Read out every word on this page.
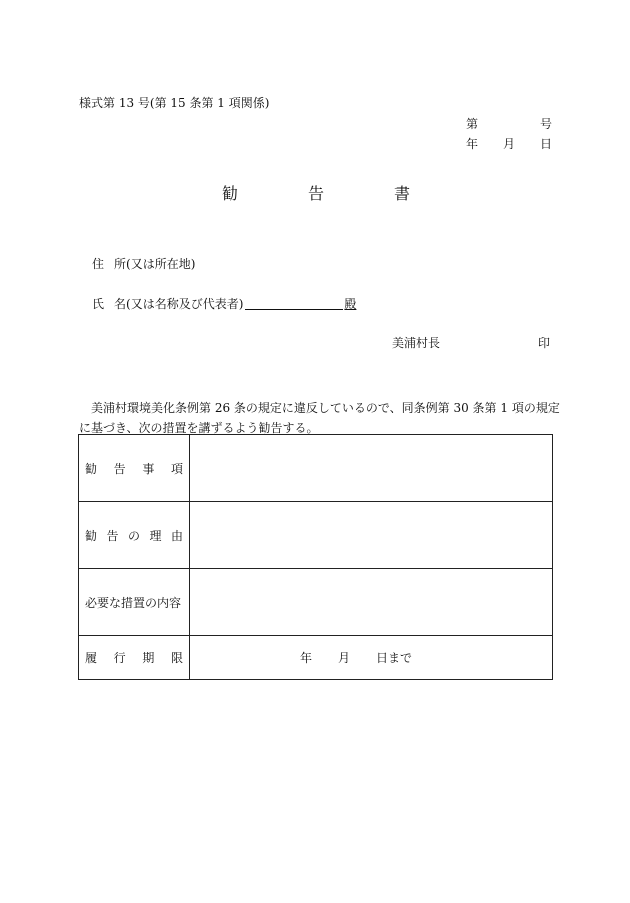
様式第 13 号(第 15 条第 1 項関係)
第	号
年 月 日
勧	告	書
住 所(又は所在地)
氏 名 (又は名称及び代表者)	殿
美浦村長	印
美浦村環境美化条例第 26 条の規定に違反しているので、同条例第 30 条第 1 項の規定
に基づき、次の措置を講ずるよう勧告する。
勧 告 事 項	

勧 告 の 理 由	

必要な措置の内容	

履 行 期 限	年 月 日まで
